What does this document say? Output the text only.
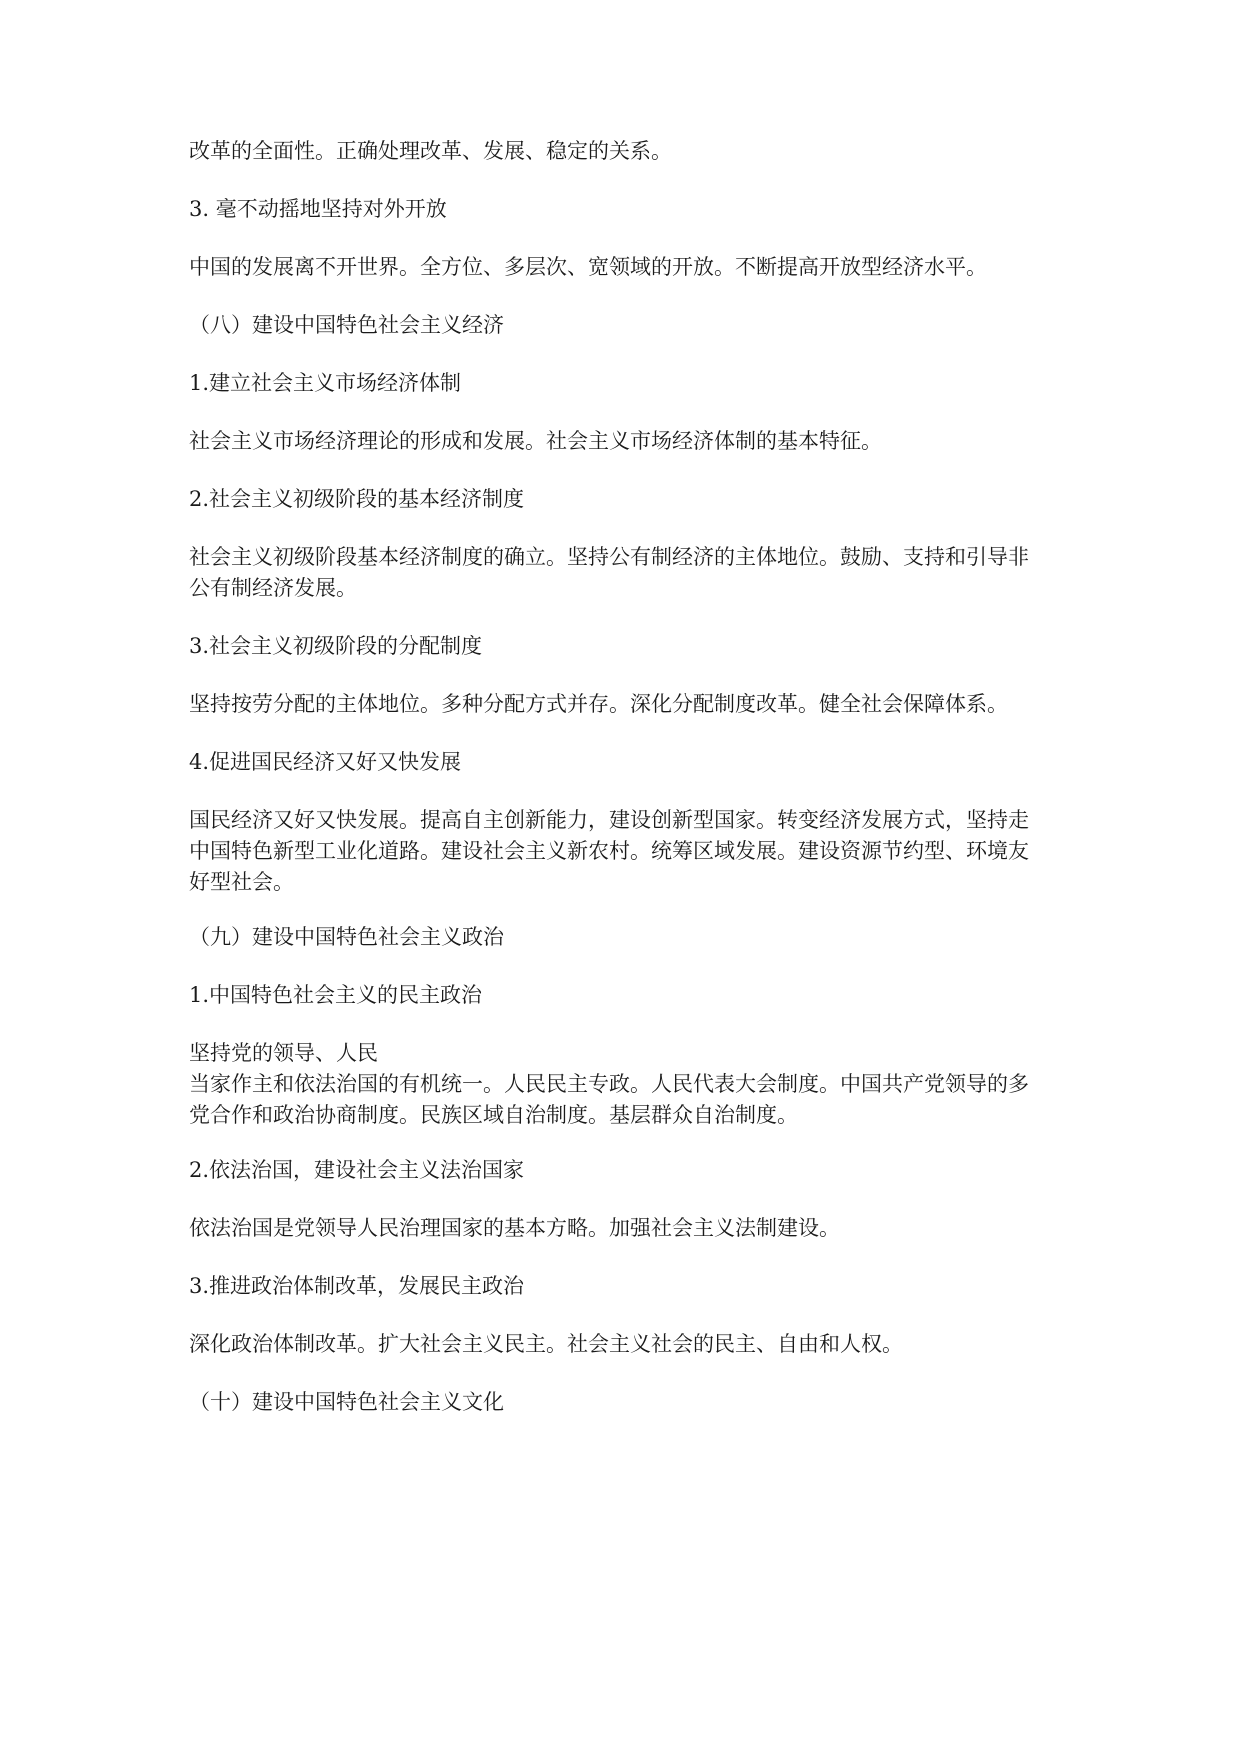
改革的全面性。正确处理改革、发展、稳定的关系。

3. 毫不动摇地坚持对外开放

中国的发展离不开世界。全方位、多层次、宽领域的开放。不断提高开放型经济水平。

（八）建设中国特色社会主义经济

1.建立社会主义市场经济体制

社会主义市场经济理论的形成和发展。社会主义市场经济体制的基本特征。

2.社会主义初级阶段的基本经济制度

社会主义初级阶段基本经济制度的确立。坚持公有制经济的主体地位。鼓励、支持和引导非
公有制经济发展。

3.社会主义初级阶段的分配制度

坚持按劳分配的主体地位。多种分配方式并存。深化分配制度改革。健全社会保障体系。

4.促进国民经济又好又快发展

国民经济又好又快发展。提高自主创新能力，建设创新型国家。转变经济发展方式，坚持走
中国特色新型工业化道路。建设社会主义新农村。统筹区域发展。建设资源节约型、环境友
好型社会。

（九）建设中国特色社会主义政治

1.中国特色社会主义的民主政治

坚持党的领导、人民
当家作主和依法治国的有机统一。人民民主专政。人民代表大会制度。中国共产党领导的多
党合作和政治协商制度。民族区域自治制度。基层群众自治制度。

2.依法治国，建设社会主义法治国家

依法治国是党领导人民治理国家的基本方略。加强社会主义法制建设。

3.推进政治体制改革，发展民主政治

深化政治体制改革。扩大社会主义民主。社会主义社会的民主、自由和人权。

（十）建设中国特色社会主义文化
